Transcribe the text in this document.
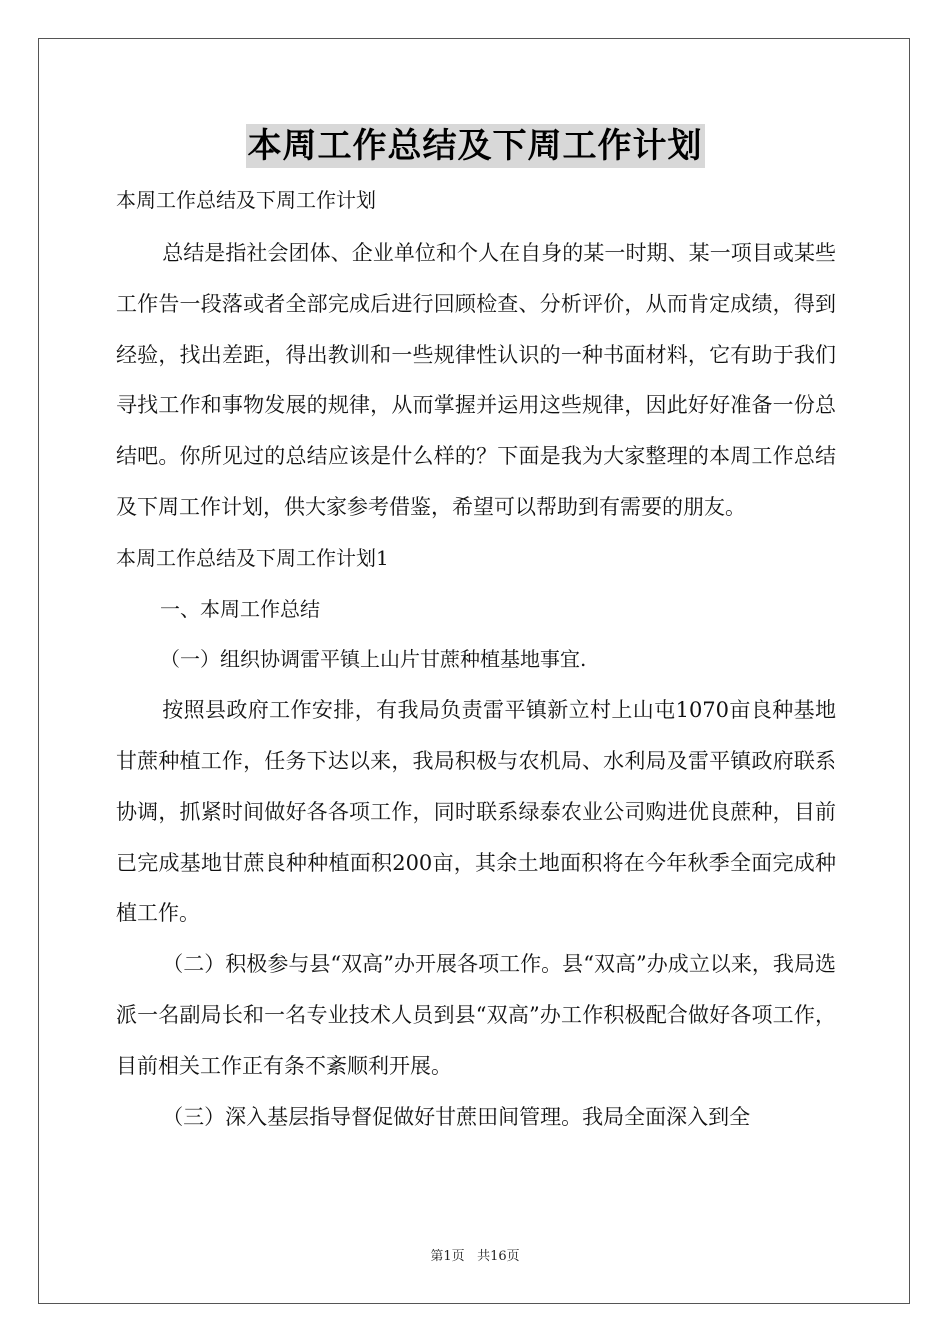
本周工作总结及下周工作计划
本周工作总结及下周工作计划

总结是指社会团体、企业单位和个人在自身的某一时期、某一项目或某些工作告一段落或者全部完成后进行回顾检查、分析评价，从而肯定成绩，得到经验，找出差距，得出教训和一些规律性认识的一种书面材料，它有助于我们寻找工作和事物发展的规律，从而掌握并运用这些规律，因此好好准备一份总结吧。你所见过的总结应该是什么样的？下面是我为大家整理的本周工作总结及下周工作计划，供大家参考借鉴，希望可以帮助到有需要的朋友。

本周工作总结及下周工作计划1

一、本周工作总结

（一）组织协调雷平镇上山片甘蔗种植基地事宜.

按照县政府工作安排，有我局负责雷平镇新立村上山屯1070亩良种基地甘蔗种植工作，任务下达以来，我局积极与农机局、水利局及雷平镇政府联系协调，抓紧时间做好各各项工作，同时联系绿泰农业公司购进优良蔗种，目前已完成基地甘蔗良种种植面积200亩，其余土地面积将在今年秋季全面完成种植工作。

（二）积极参与县“双高”办开展各项工作。县“双高”办成立以来，我局选派一名副局长和一名专业技术人员到县“双高”办工作积极配合做好各项工作，目前相关工作正有条不紊顺利开展。

（三）深入基层指导督促做好甘蔗田间管理。我局全面深入到全

第1页 共16页
